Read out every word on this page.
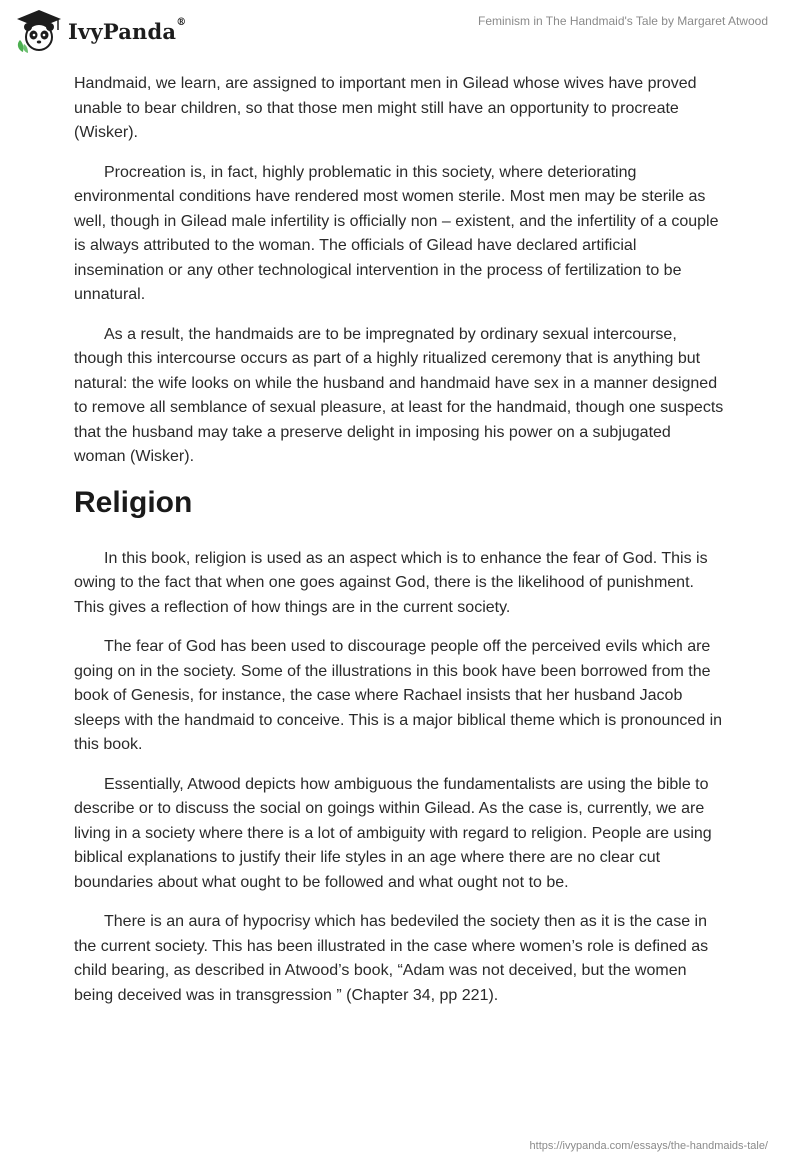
IvyPanda®	Feminism in The Handmaid's Tale by Margaret Atwood

Handmaid, we learn, are assigned to important men in Gilead whose wives have proved unable to bear children, so that those men might still have an opportunity to procreate (Wisker).

Procreation is, in fact, highly problematic in this society, where deteriorating environmental conditions have rendered most women sterile. Most men may be sterile as well, though in Gilead male infertility is officially non – existent, and the infertility of a couple is always attributed to the woman. The officials of Gilead have declared artificial insemination or any other technological intervention in the process of fertilization to be unnatural.

As a result, the handmaids are to be impregnated by ordinary sexual intercourse, though this intercourse occurs as part of a highly ritualized ceremony that is anything but natural: the wife looks on while the husband and handmaid have sex in a manner designed to remove all semblance of sexual pleasure, at least for the handmaid, though one suspects that the husband may take a preserve delight in imposing his power on a subjugated woman (Wisker).

Religion

In this book, religion is used as an aspect which is to enhance the fear of God. This is owing to the fact that when one goes against God, there is the likelihood of punishment. This gives a reflection of how things are in the current society.

The fear of God has been used to discourage people off the perceived evils which are going on in the society. Some of the illustrations in this book have been borrowed from the book of Genesis, for instance, the case where Rachael insists that her husband Jacob sleeps with the handmaid to conceive. This is a major biblical theme which is pronounced in this book.

Essentially, Atwood depicts how ambiguous the fundamentalists are using the bible to describe or to discuss the social on goings within Gilead. As the case is, currently, we are living in a society where there is a lot of ambiguity with regard to religion. People are using biblical explanations to justify their life styles in an age where there are no clear cut boundaries about what ought to be followed and what ought not to be.

There is an aura of hypocrisy which has bedeviled the society then as it is the case in the current society. This has been illustrated in the case where women’s role is defined as child bearing, as described in Atwood’s book, “Adam was not deceived, but the women being deceived was in transgression ” (Chapter 34, pp 221).

https://ivypanda.com/essays/the-handmaids-tale/
